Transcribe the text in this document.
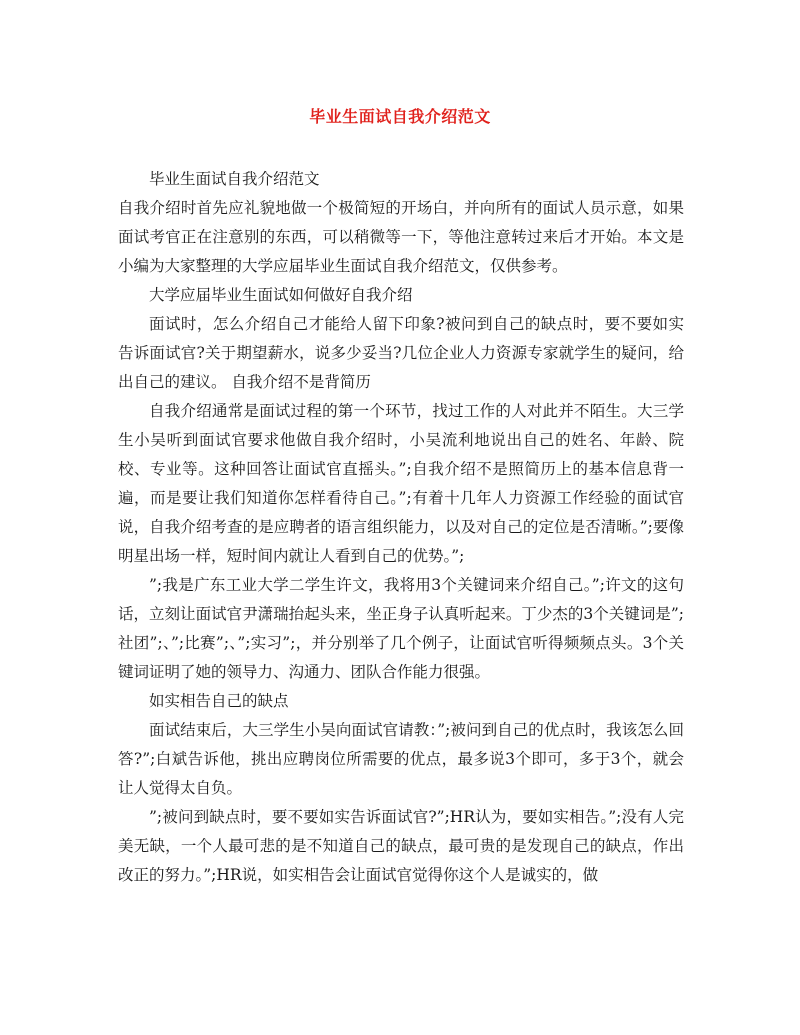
毕业生面试自我介绍范文

毕业生面试自我介绍范文

自我介绍时首先应礼貌地做一个极简短的开场白，并向所有的面试人员示意，如果面试考官正在注意别的东西，可以稍微等一下，等他注意转过来后才开始。本文是小编为大家整理的大学应届毕业生面试自我介绍范文，仅供参考。

大学应届毕业生面试如何做好自我介绍

面试时，怎么介绍自己才能给人留下印象?被问到自己的缺点时，要不要如实告诉面试官?关于期望薪水，说多少妥当?几位企业人力资源专家就学生的疑问，给出自己的建议。 自我介绍不是背简历

自我介绍通常是面试过程的第一个环节，找过工作的人对此并不陌生。大三学生小吴听到面试官要求他做自我介绍时，小吴流利地说出自己的姓名、年龄、院校、专业等。这种回答让面试官直摇头。”;自我介绍不是照简历上的基本信息背一遍，而是要让我们知道你怎样看待自己。”;有着十几年人力资源工作经验的面试官说，自我介绍考查的是应聘者的语言组织能力，以及对自己的定位是否清晰。”;要像明星出场一样，短时间内就让人看到自己的优势。”;

”;我是广东工业大学二学生许文，我将用3个关键词来介绍自己。”;许文的这句话，立刻让面试官尹潇瑞抬起头来，坐正身子认真听起来。丁少杰的3个关键词是”;社团”;、”;比赛”;、”;实习”;，并分别举了几个例子，让面试官听得频频点头。3个关键词证明了她的领导力、沟通力、团队合作能力很强。

如实相告自己的缺点

面试结束后，大三学生小吴向面试官请教：”;被问到自己的优点时，我该怎么回答?”;白斌告诉他，挑出应聘岗位所需要的优点，最多说3个即可，多于3个，就会让人觉得太自负。

”;被问到缺点时，要不要如实告诉面试官?”;HR认为，要如实相告。”;没有人完美无缺，一个人最可悲的是不知道自己的缺点，最可贵的是发现自己的缺点，作出改正的努力。”;HR说，如实相告会让面试官觉得你这个人是诚实的，做
